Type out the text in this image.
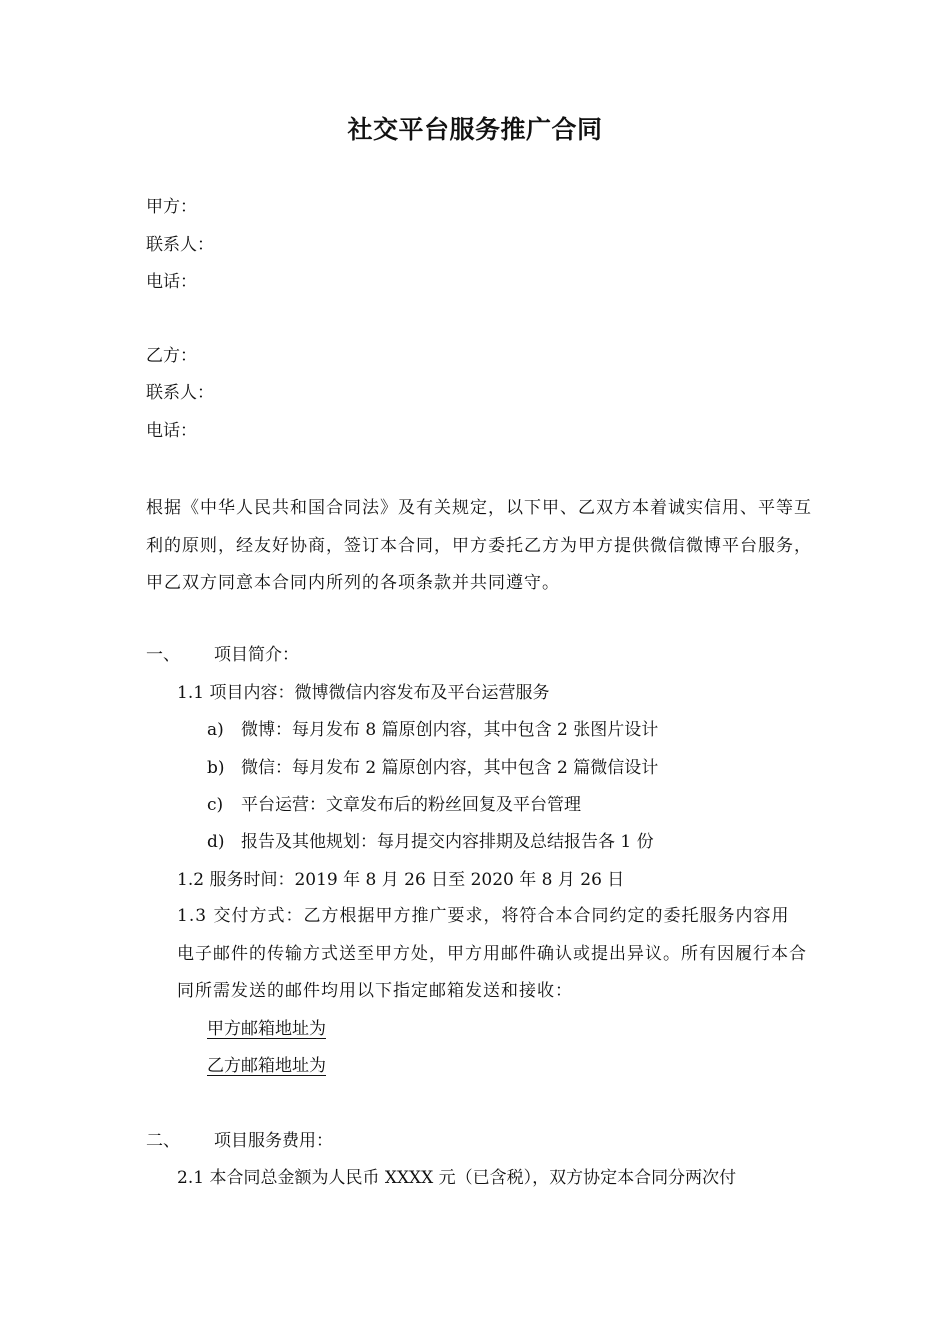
社交平台服务推广合同
甲方：
联系人：
电话：
乙方：
联系人：
电话：
根据《中华人民共和国合同法》及有关规定，以下甲、乙双方本着诚实信用、平等互利的原则，经友好协商，签订本合同，甲方委托乙方为甲方提供微信微博平台服务，甲乙双方同意本合同内所列的各项条款并共同遵守。
一、 项目简介：
1.1 项目内容：微博微信内容发布及平台运营服务
a) 微博：每月发布 8 篇原创内容，其中包含 2 张图片设计
b) 微信：每月发布 2 篇原创内容，其中包含 2 篇微信设计
c) 平台运营：文章发布后的粉丝回复及平台管理
d) 报告及其他规划：每月提交内容排期及总结报告各 1 份
1.2 服务时间：2019 年 8 月 26 日至 2020 年 8 月 26 日
1.3 交付方式：乙方根据甲方推广要求，将符合本合同约定的委托服务内容用电子邮件的传输方式送至甲方处，甲方用邮件确认或提出异议。所有因履行本合同所需发送的邮件均用以下指定邮箱发送和接收：
甲方邮箱地址为
乙方邮箱地址为
二、 项目服务费用：
2.1 本合同总金额为人民币 XXXX 元（已含税），双方协定本合同分两次付
